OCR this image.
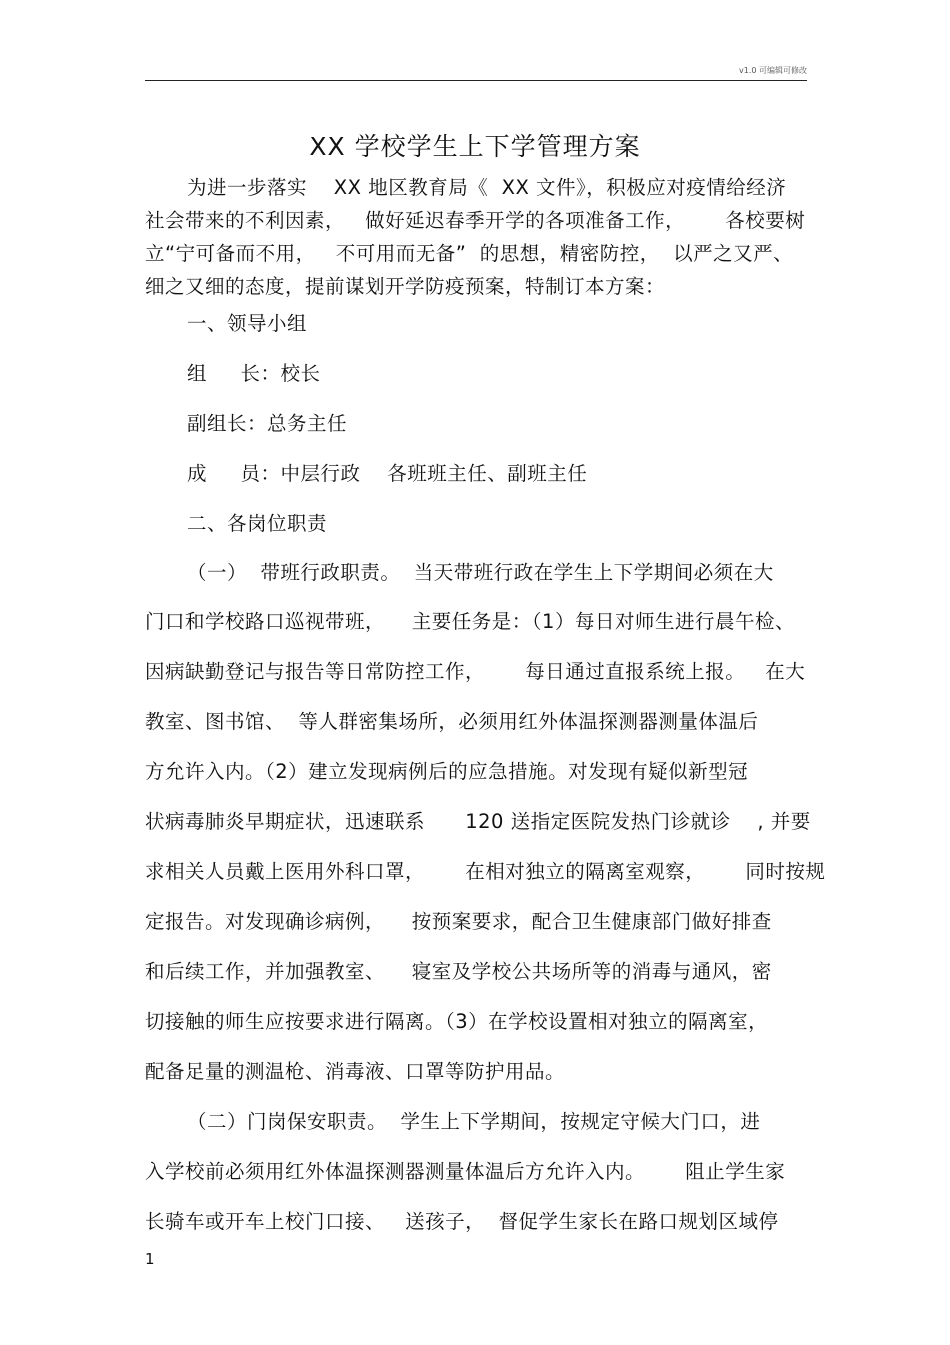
v1.0 可编辑可修改
XX 学校学生上下学管理方案
为进一步落实    XX 地区教育局《  XX 文件》，积极应对疫情给经济
社会带来的不利因素，   做好延迟春季开学的各项准备工作，      各校要树
立“宁可备而不用，   不可用而无备”  的思想，精密防控，  以严之又严、
细之又细的态度，提前谋划开学防疫预案，特制订本方案：
一、领导小组
组     长：校长
副组长：总务主任
成     员：中层行政    各班班主任、副班主任
二、各岗位职责
（一）  带班行政职责。  当天带班行政在学生上下学期间必须在大
门口和学校路口巡视带班，    主要任务是：（1）每日对师生进行晨午检、
因病缺勤登记与报告等日常防控工作，      每日通过直报系统上报。   在大
教室、图书馆、  等人群密集场所，必须用红外体温探测器测量体温后
方允许入内。（2）建立发现病例后的应急措施。对发现有疑似新型冠
状病毒肺炎早期症状，迅速联系      120 送指定医院发热门诊就诊    , 并要
求相关人员戴上医用外科口罩，      在相对独立的隔离室观察，      同时按规
定报告。对发现确诊病例，    按预案要求，配合卫生健康部门做好排查
和后续工作，并加强教室、    寝室及学校公共场所等的消毒与通风，密
切接触的师生应按要求进行隔离。（3）在学校设置相对独立的隔离室，
配备足量的测温枪、消毒液、口罩等防护用品。
（二）门岗保安职责。  学生上下学期间，按规定守候大门口，进
入学校前必须用红外体温探测器测量体温后方允许入内。      阻止学生家
长骑车或开车上校门口接、   送孩子，  督促学生家长在路口规划区域停
1
